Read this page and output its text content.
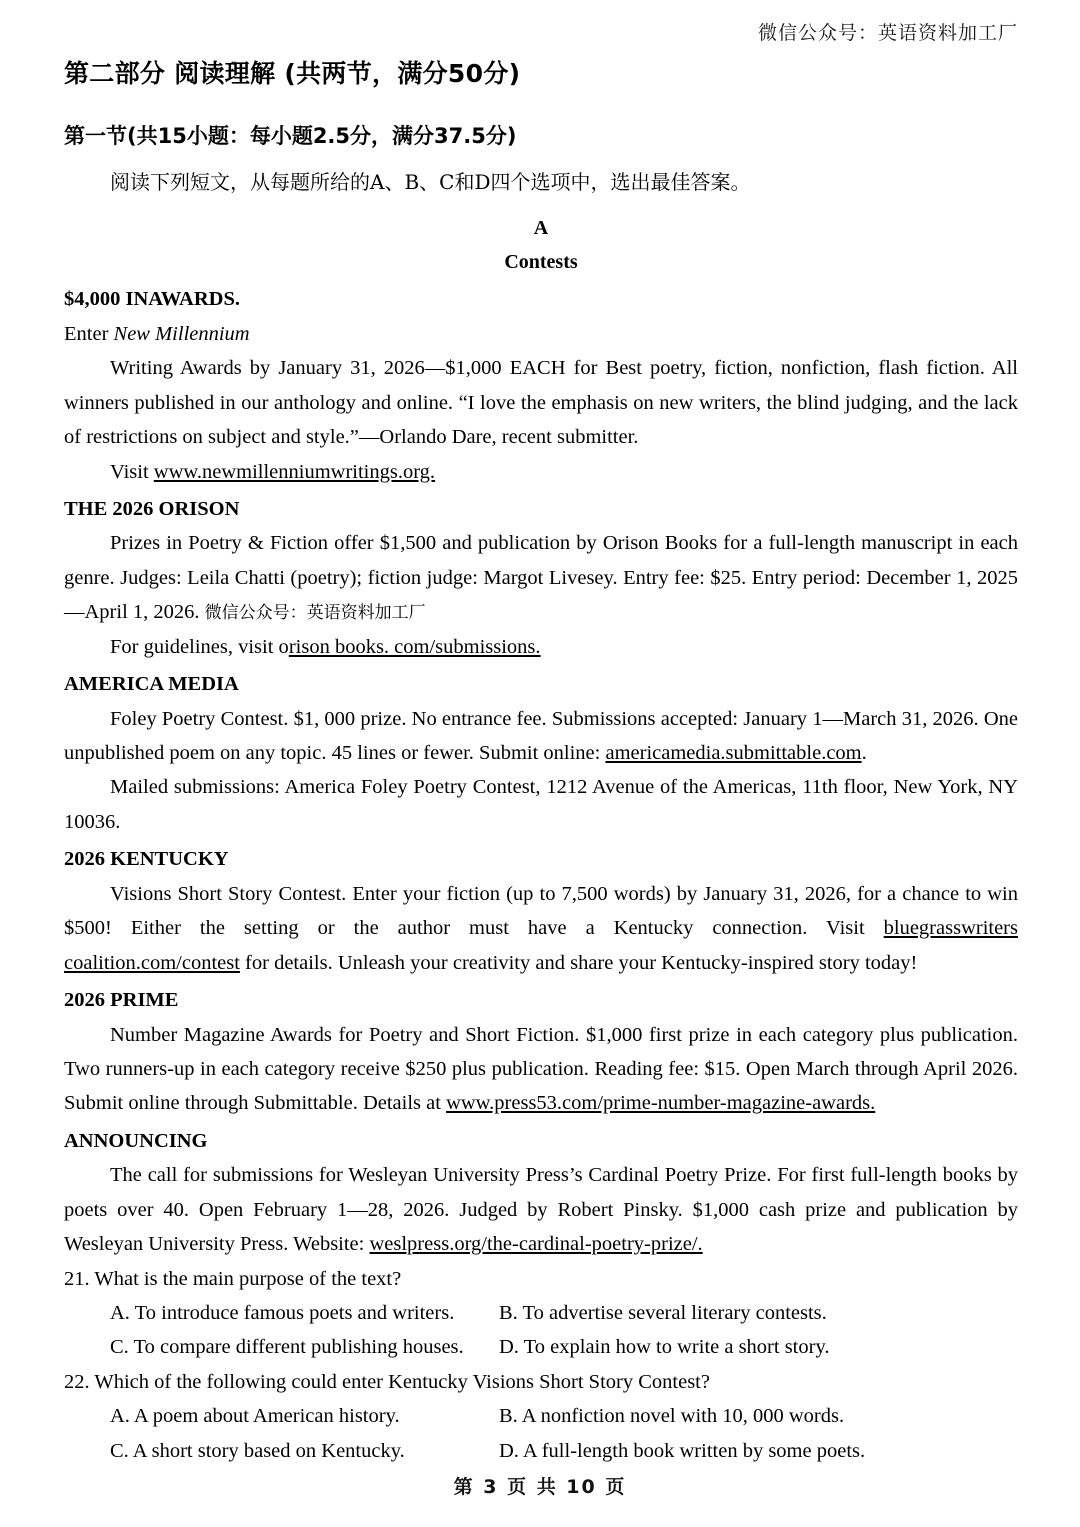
微信公众号：英语资料加工厂
第二部分 阅读理解 (共两节，满分50分)
第一节(共15小题：每小题2.5分，满分37.5分)

阅读下列短文，从每题所给的A、B、C和D四个选项中，选出最佳答案。

A

Contests

$4,000 INAWARDS.

Enter New Millennium

Writing Awards by January 31, 2026—$1,000 EACH for Best poetry, fiction, nonfiction, flash fiction. All winners published in our anthology and online. “I love the emphasis on new writers, the blind judging, and the lack of restrictions on subject and style.”—Orlando Dare, recent submitter.

Visit www.newmillenniumwritings.org.

THE 2026 ORISON

Prizes in Poetry & Fiction offer $1,500 and publication by Orison Books for a full-length manuscript in each genre. Judges: Leila Chatti (poetry); fiction judge: Margot Livesey. Entry fee: $25. Entry period: December 1, 2025—April 1, 2026. 微信公众号：英语资料加工厂

For guidelines, visit orison books. com/submissions.

AMERICA MEDIA

Foley Poetry Contest. $1, 000 prize. No entrance fee. Submissions accepted: January 1—March 31, 2026. One unpublished poem on any topic. 45 lines or fewer. Submit online: americamedia.submittable.com.

Mailed submissions: America Foley Poetry Contest, 1212 Avenue of the Americas, 11th floor, New York, NY 10036.

2026 KENTUCKY

Visions Short Story Contest. Enter your fiction (up to 7,500 words) by January 31, 2026, for a chance to win $500! Either the setting or the author must have a Kentucky connection. Visit bluegrasswriters coalition.com/contest for details. Unleash your creativity and share your Kentucky-inspired story today!

2026 PRIME

Number Magazine Awards for Poetry and Short Fiction. $1,000 first prize in each category plus publication. Two runners-up in each category receive $250 plus publication. Reading fee: $15. Open March through April 2026. Submit online through Submittable. Details at www.press53.com/prime-number-magazine-awards.

ANNOUNCING

The call for submissions for Wesleyan University Press’s Cardinal Poetry Prize. For first full-length books by poets over 40. Open February 1—28, 2026. Judged by Robert Pinsky. $1,000 cash prize and publication by Wesleyan University Press. Website: weslpress.org/the-cardinal-poetry-prize/.

21. What is the main purpose of the text?

A. To introduce famous poets and writers.	B. To advertise several literary contests.
C. To compare different publishing houses.	D. To explain how to write a short story.

22. Which of the following could enter Kentucky Visions Short Story Contest?

A. A poem about American history.	B. A nonfiction novel with 10, 000 words.
C. A short story based on Kentucky.	D. A full-length book written by some poets.
第 3 页 共 10 页
